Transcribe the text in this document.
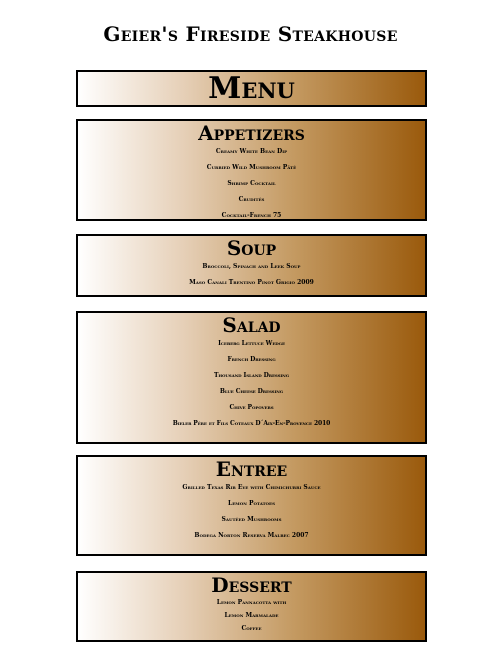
Geier's Fireside Steakhouse
Menu
Appetizers
Creamy White Bean Dip
Curried Wild Mushroom Pâté
Shrimp Cocktail
Crudités
Cocktail-French 75
Soup
Broccoli, Spinach and Leek Soup
Maso Canali Trentino Pinot Grigio 2009
Salad
Iceberg Lettuce Wedge
French Dressing
Thousand Island Dressing
Blue Cheese Dressing
Chive Popovers
Bieler Pére et Fils Coteaux D´Aix-En-Provence 2010
Entree
Grilled Texas Rib Eye with Chimichurri Sauce
Lemon Potatoes
Sautéed Mushrooms
Bodega Norton Reserva Malbec 2007
Dessert
Lemon Pannacotta with
Lemon Marmalade
Coffee
